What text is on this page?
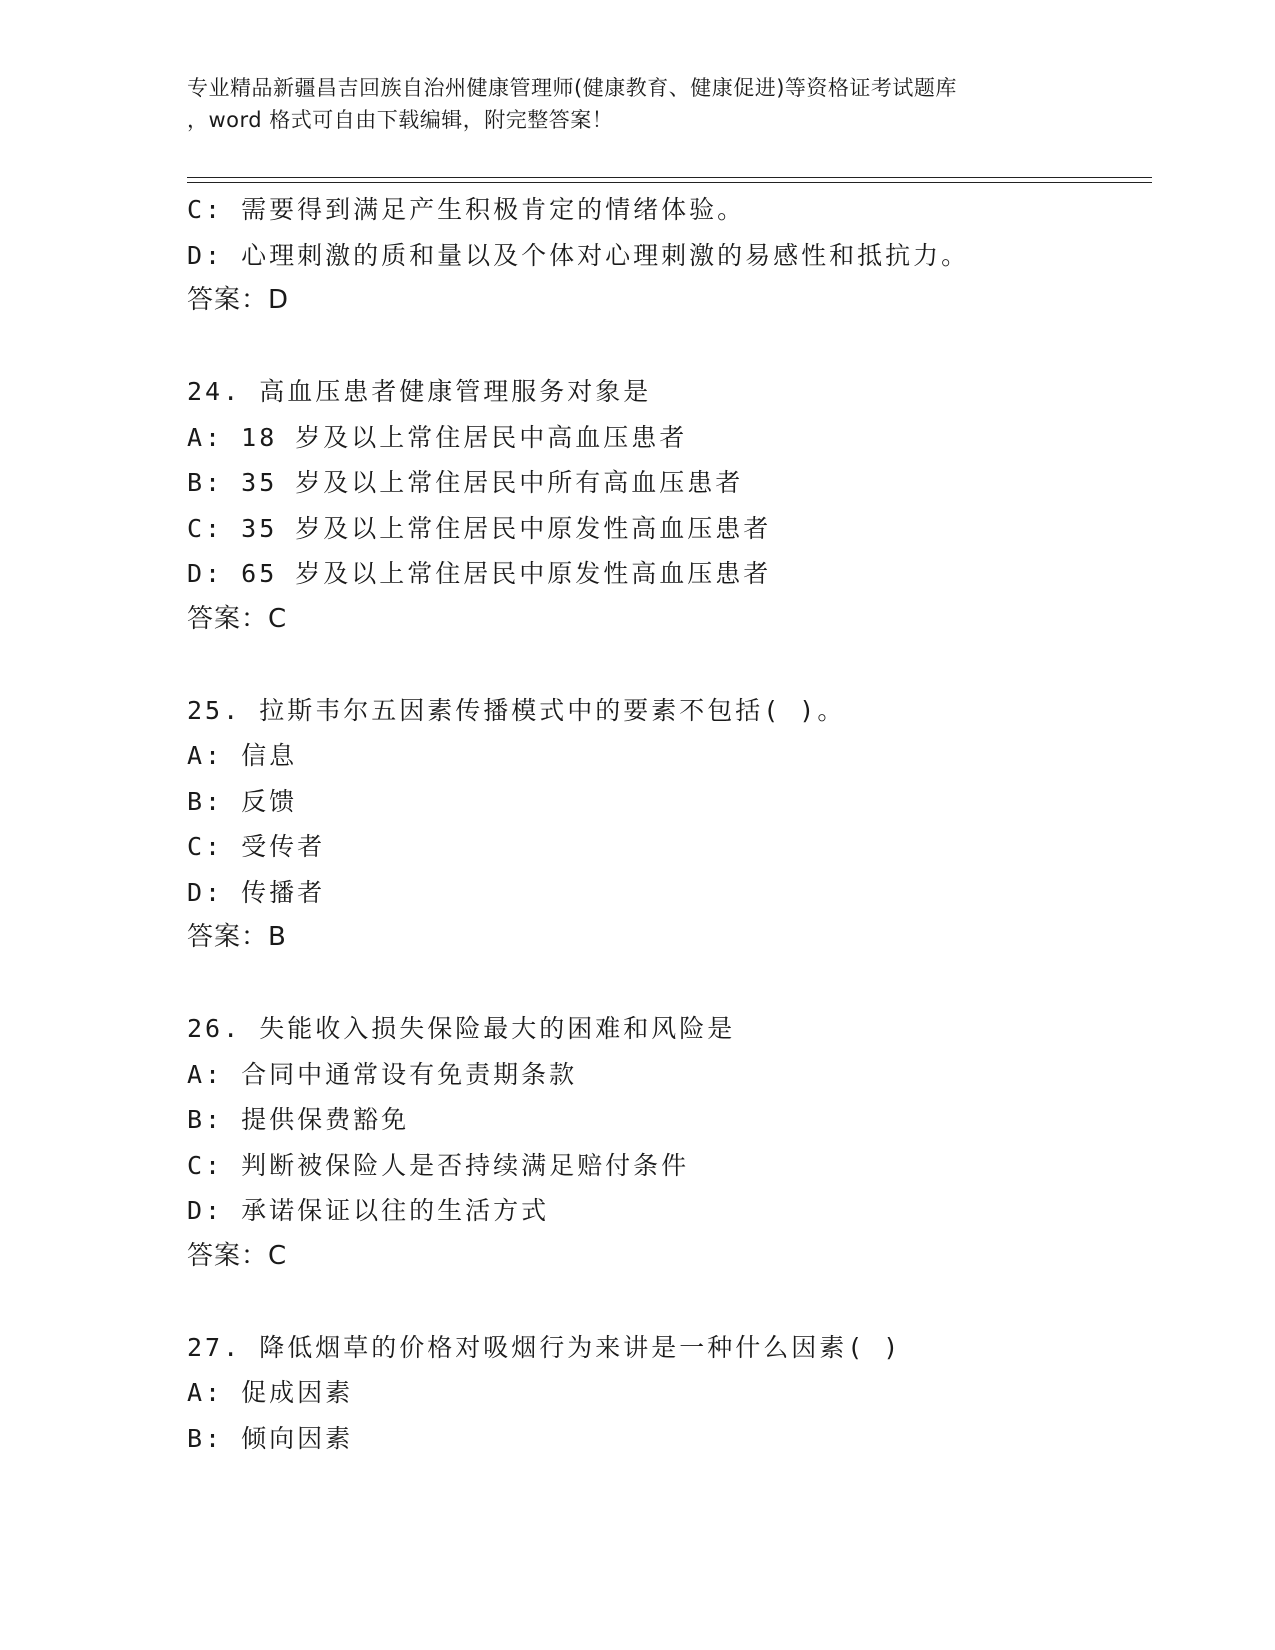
专业精品新疆昌吉回族自治州健康管理师(健康教育、健康促进)等资格证考试题库
，word 格式可自由下载编辑，附完整答案！
C: 需要得到满足产生积极肯定的情绪体验。
D: 心理刺激的质和量以及个体对心理刺激的易感性和抵抗力。
答案：D
24. 高血压患者健康管理服务对象是
A: 18 岁及以上常住居民中高血压患者
B: 35 岁及以上常住居民中所有高血压患者
C: 35 岁及以上常住居民中原发性高血压患者
D: 65 岁及以上常住居民中原发性高血压患者
答案：C
25. 拉斯韦尔五因素传播模式中的要素不包括( )。
A: 信息
B: 反馈
C: 受传者
D: 传播者
答案：B
26. 失能收入损失保险最大的困难和风险是
A: 合同中通常设有免责期条款
B: 提供保费豁免
C: 判断被保险人是否持续满足赔付条件
D: 承诺保证以往的生活方式
答案：C
27. 降低烟草的价格对吸烟行为来讲是一种什么因素( )
A: 促成因素
B: 倾向因素
